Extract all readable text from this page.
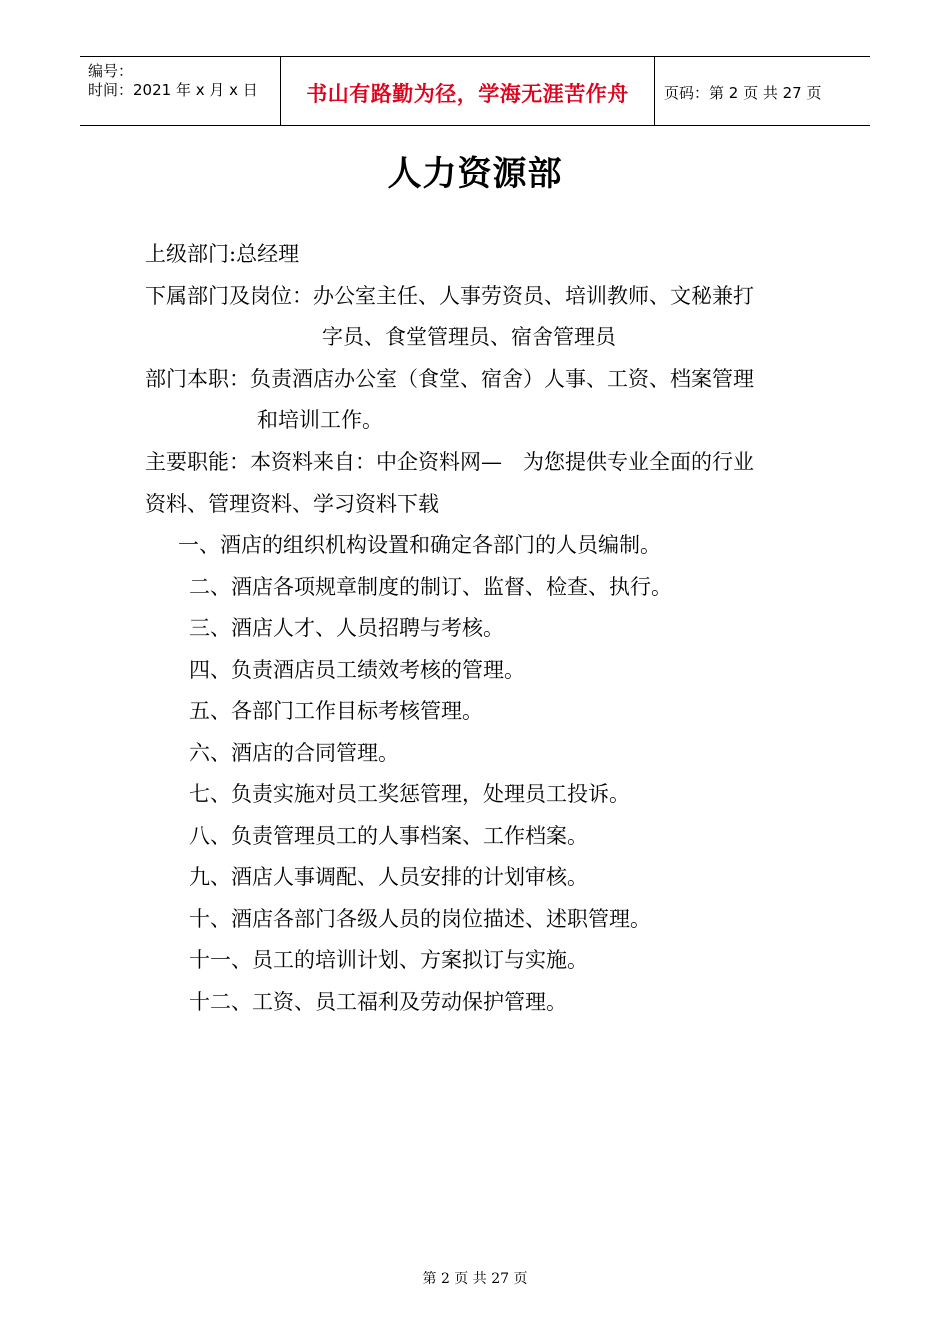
编号：
时间：2021 年 x 月 x 日	书山有路勤为径，学海无涯苦作舟	页码：第 2 页 共 27 页
人力资源部
上级部门:总经理
下属部门及岗位：办公室主任、人事劳资员、培训教师、文秘兼打
字员、食堂管理员、宿舍管理员
部门本职：负责酒店办公室（食堂、宿舍）人事、工资、档案管理
和培训工作。
主要职能：本资料来自：中企资料网—　为您提供专业全面的行业
资料、管理资料、学习资料下载
一、酒店的组织机构设置和确定各部门的人员编制。
二、酒店各项规章制度的制订、监督、检查、执行。
三、酒店人才、人员招聘与考核。
四、负责酒店员工绩效考核的管理。
五、各部门工作目标考核管理。
六、酒店的合同管理。
七、负责实施对员工奖惩管理，处理员工投诉。
八、负责管理员工的人事档案、工作档案。
九、酒店人事调配、人员安排的计划审核。
十、酒店各部门各级人员的岗位描述、述职管理。
十一、员工的培训计划、方案拟订与实施。
十二、工资、员工福利及劳动保护管理。
第 2 页 共 27 页
